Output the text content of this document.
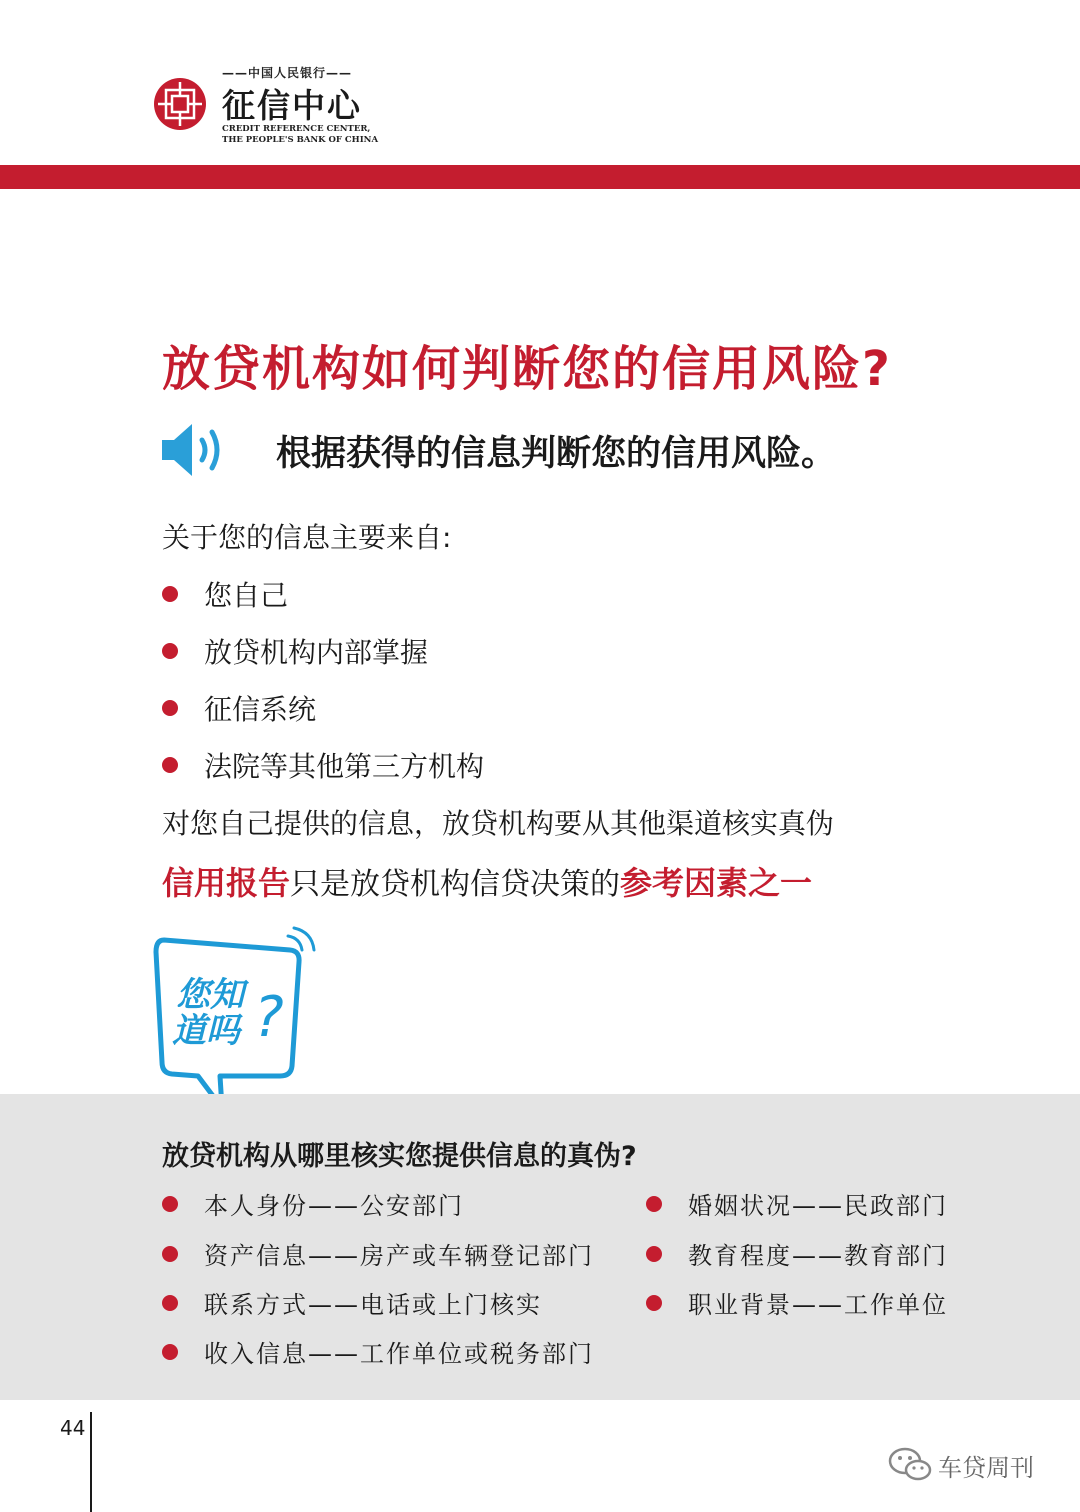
——中国人民银行——
征信中心
CREDIT REFERENCE CENTER,
THE PEOPLE'S BANK OF CHINA
放贷机构如何判断您的信用风险?
根据获得的信息判断您的信用风险。
关于您的信息主要来自:
您自己
放贷机构内部掌握
征信系统
法院等其他第三方机构
对您自己提供的信息，放贷机构要从其他渠道核实真伪
信用报告只是放贷机构信贷决策的参考因素之一
您知
道吗 ?
放贷机构从哪里核实您提供信息的真伪?
本人身份——公安部门
资产信息——房产或车辆登记部门
联系方式——电话或上门核实
收入信息——工作单位或税务部门
婚姻状况——民政部门
教育程度——教育部门
职业背景——工作单位
44
车贷周刊
